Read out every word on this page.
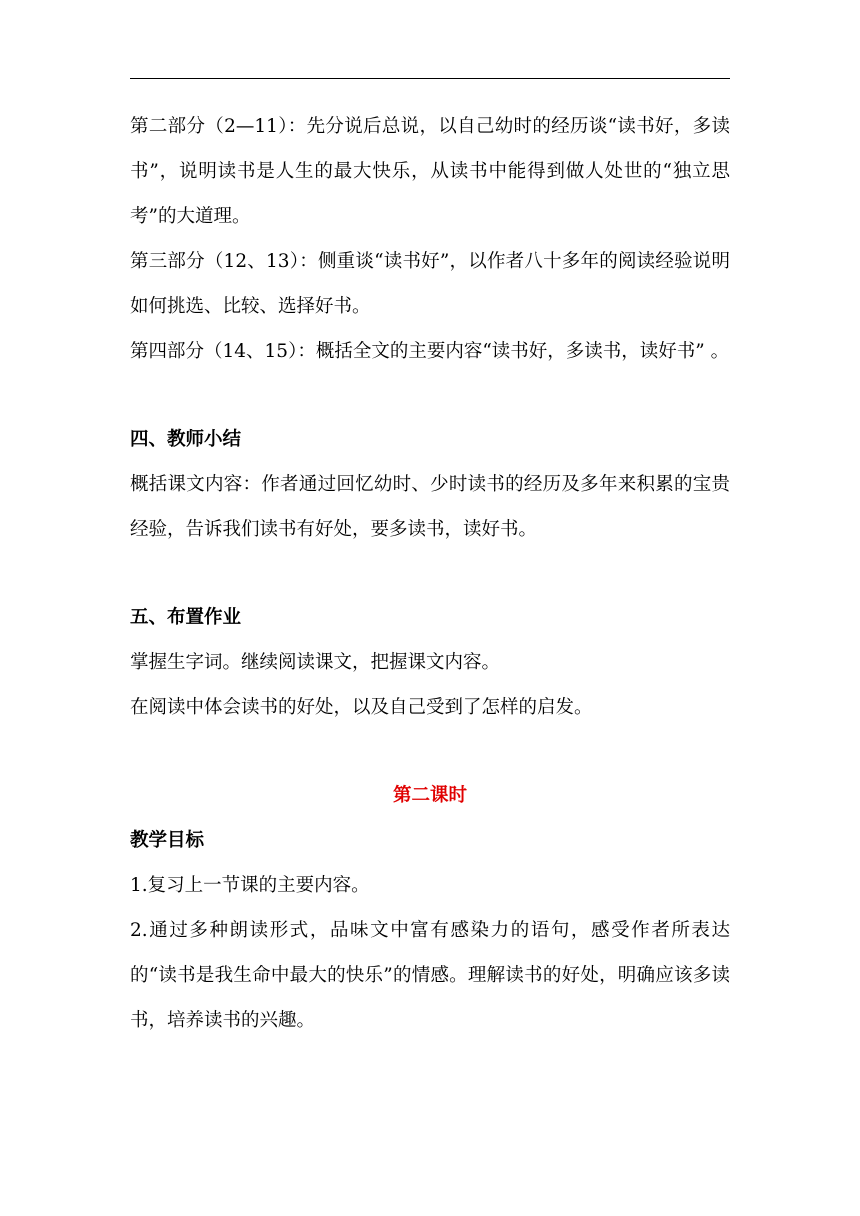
第二部分（2—11）：先分说后总说，以自己幼时的经历谈“读书好，多读书”，说明读书是人生的最大快乐，从读书中能得到做人处世的“独立思考”的大道理。

第三部分（12、13）：侧重谈“读书好”，以作者八十多年的阅读经验说明如何挑选、比较、选择好书。

第四部分（14、15）：概括全文的主要内容“读书好，多读书，读好书” 。

四、教师小结

概括课文内容：作者通过回忆幼时、少时读书的经历及多年来积累的宝贵经验，告诉我们读书有好处，要多读书，读好书。

五、布置作业

掌握生字词。继续阅读课文，把握课文内容。

在阅读中体会读书的好处，以及自己受到了怎样的启发。

第二课时

教学目标

1.复习上一节课的主要内容。

2.通过多种朗读形式，品味文中富有感染力的语句，感受作者所表达的“读书是我生命中最大的快乐”的情感。理解读书的好处，明确应该多读书，培养读书的兴趣。
